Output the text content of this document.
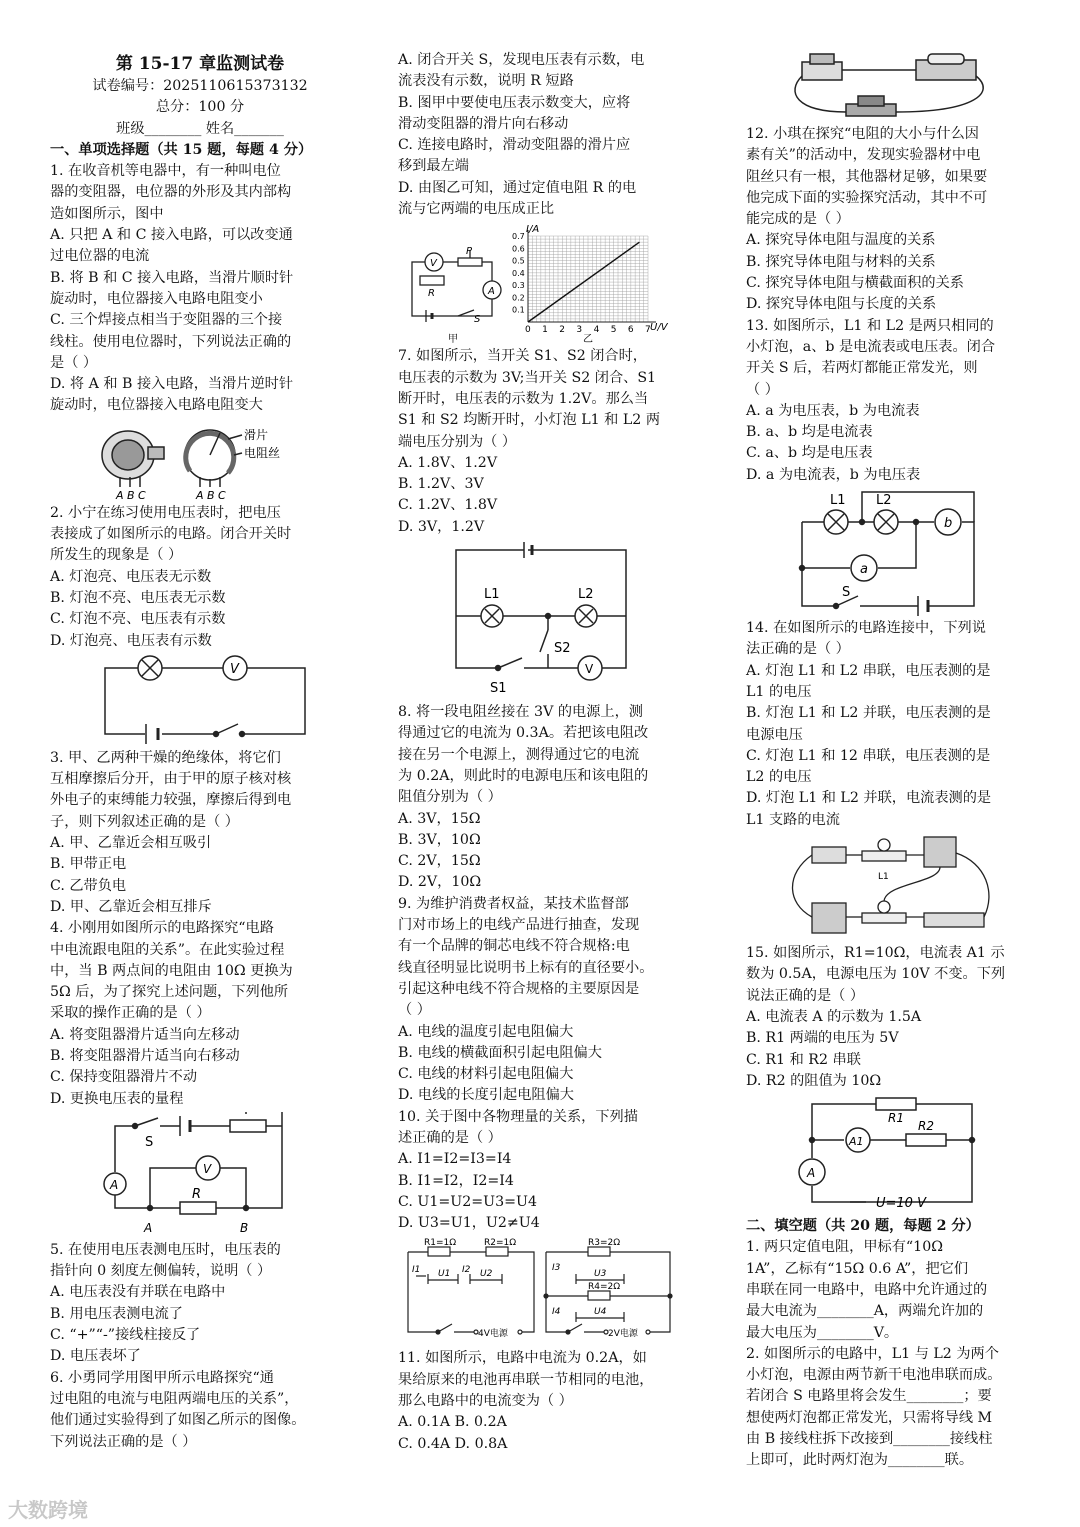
第 15-17 章监测试卷
试卷编号：2025110615373132
总分：100 分
班级________ 姓名_______
一、单项选择题（共 15 题，每题 4 分）
1. 在收音机等电器中，有一种叫电位
器的变阻器，电位器的外形及其内部构
造如图所示，图中
A. 只把 A 和 C 接入电路，可以改变通
过电位器的电流
B. 将 B 和 C 接入电路，当滑片顺时针
旋动时，电位器接入电路电阻变小
C. 三个焊接点相当于变阻器的三个接
线柱。使用电位器时，下列说法正确的
是（ ）
D. 将 A 和 B 接入电路，当滑片逆时针
旋动时，电位器接入电路电阻变大
滑片
电阻丝
A B C	A B C
2. 小宁在练习使用电压表时，把电压
表接成了如图所示的电路。闭合开关时
所发生的现象是（ ）
A. 灯泡亮、电压表无示数
B. 灯泡不亮、电压表无示数
C. 灯泡不亮、电压表有示数
D. 灯泡亮、电压表有示数
V
3. 甲、乙两种干燥的绝缘体，将它们
互相摩擦后分开，由于甲的原子核对核
外电子的束缚能力较强，摩擦后得到电
子，则下列叙述正确的是（ ）
A. 甲、乙靠近会相互吸引
B. 甲带正电
C. 乙带负电
D. 甲、乙靠近会相互排斥
4. 小刚用如图所示的电路探究“电路
中电流跟电阻的关系”。在此实验过程
中，当 B 两点间的电阻由 10Ω 更换为
5Ω 后，为了探究上述问题，下列他所
采取的操作正确的是（ ）
A. 将变阻器滑片适当向左移动
B. 将变阻器滑片适当向右移动
C. 保持变阻器滑片不动
D. 更换电压表的量程
S
A
V
R
A	B
5. 在使用电压表测电压时，电压表的
指针向 0 刻度左侧偏转，说明（ ）
A. 电压表没有并联在电路中
B. 用电压表测电流了
C. “+”“-”接线柱接反了
D. 电压表坏了
6. 小勇同学用图甲所示电路探究“通
过电阻的电流与电阻两端电压的关系”，
他们通过实验得到了如图乙所示的图像。
下列说法正确的是（ ）
A. 闭合开关 S，发现电压表有示数，电
流表没有示数，说明 R 短路
B. 图甲中要使电压表示数变大，应将
滑动变阻器的滑片向右移动
C. 连接电路时，滑动变阻器的滑片应
移到最左端
D. 由图乙可知，通过定值电阻 R 的电
流与它两端的电压成正比
V
R
P
A
S
甲
0 1 2 3 4 5 6 7
0.1
0.2
0.3
0.4
0.5
0.6
0.7
乙
I/A
U/V
7. 如图所示，当开关 S1、S2 闭合时，
电压表的示数为 3V;当开关 S2 闭合、S1
断开时，电压表的示数为 1.2V。那么当
S1 和 S2 均断开时，小灯泡 L1 和 L2 两
端电压分别为（ ）
A. 1.8V、1.2V
B. 1.2V、3V
C. 1.2V、1.8V
D. 3V，1.2V
L1	L2
S2
S1
V
8. 将一段电阻丝接在 3V 的电源上，测
得通过它的电流为 0.3A。若把该电阻改
接在另一个电源上，测得通过它的电流
为 0.2A，则此时的电源电压和该电阻的
阻值分别为（ ）
A. 3V，15Ω
B. 3V，10Ω
C. 2V，15Ω
D. 2V，10Ω
9. 为维护消费者权益，某技术监督部
门对市场上的电线产品进行抽查，发现
有一个品牌的铜芯电线不符合规格:电
线直径明显比说明书上标有的直径要小。
引起这种电线不符合规格的主要原因是
（ ）
A. 电线的温度引起电阻偏大
B. 电线的横截面积引起电阻偏大
C. 电线的材料引起电阻偏大
D. 电线的长度引起电阻偏大
10. 关于图中各物理量的关系，下列描
述正确的是（ ）
A. I1=I2=I3=I4
B. I1=I2，I2=I4
C. U1=U2=U3=U4
D. U3=U1，U2≠U4
R1=1Ω	R2=1Ω
I1 U1 I2 U2
4V电源
R3=2Ω
I3
U3
R4=2Ω
I4	U4
2V电源
11. 如图所示，电路中电流为 0.2A，如
果给原来的电池再串联一节相同的电池，
那么电路中的电流变为（ ）
A. 0.1A B. 0.2A
C. 0.4A D. 0.8A
12. 小琪在探究“电阻的大小与什么因
素有关”的活动中，发现实验器材中电
阻丝只有一根，其他器材足够，如果要
他完成下面的实验探究活动，其中不可
能完成的是（ ）
A. 探究导体电阻与温度的关系
B. 探究导体电阻与材料的关系
C. 探究导体电阻与横截面积的关系
D. 探究导体电阻与长度的关系
13. 如图所示，L1 和 L2 是两只相同的
小灯泡，a、b 是电流表或电压表。闭合
开关 S 后，若两灯都能正常发光，则
（ ）
A. a 为电压表，b 为电流表
B. a、b 均是电流表
C. a、b 均是电压表
D. a 为电流表，b 为电压表
L1 L2
b
a
S
14. 在如图所示的电路连接中，下列说
法正确的是（ ）
A. 灯泡 L1 和 L2 串联，电压表测的是
L1 的电压
B. 灯泡 L1 和 L2 并联，电压表测的是
电源电压
C. 灯泡 L1 和 12 串联，电压表测的是
L2 的电压
D. 灯泡 L1 和 L2 并联，电流表测的是
L1 支路的电流
L1
15. 如图所示，R1=10Ω，电流表 A1 示
数为 0.5A，电源电压为 10V 不变。下列
说法正确的是（ ）
A. 电流表 A 的示数为 1.5A
B. R1 两端的电压为 5V
C. R1 和 R2 串联
D. R2 的阻值为 10Ω
R1
A1
R2
A
U=10 V
二、填空题（共 20 题，每题 2 分）
1. 两只定值电阻，甲标有“10Ω
1A”，乙标有“15Ω 0.6 A”，把它们
串联在同一电路中，电路中允许通过的
最大电流为________A，两端允许加的
最大电压为________V。
2. 如图所示的电路中，L1 与 L2 为两个
小灯泡，电源由两节新干电池串联而成。
若闭合 S 电路里将会发生________；要
想使两灯泡都正常发光，只需将导线 M
由 B 接线柱拆下改接到________接线柱
上即可，此时两灯泡为________联。
大数跨境
